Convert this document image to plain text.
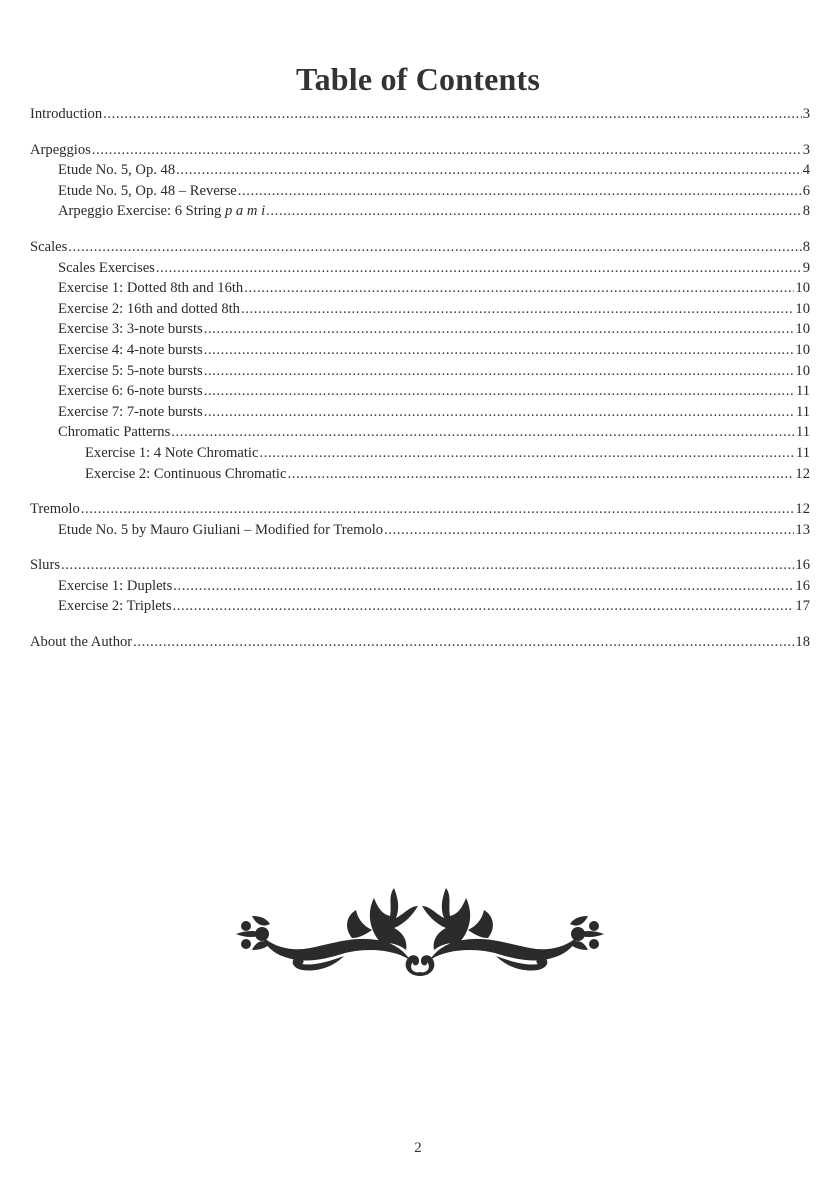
Table of Contents
Introduction .....	3
Arpeggios .....	3
Etude No. 5, Op. 48 .....	4
Etude No. 5, Op. 48 – Reverse .....	6
Arpeggio Exercise: 6 String p a m i .....	8
Scales .....	8
Scales Exercises .....	9
Exercise 1: Dotted 8th and 16th .....	10
Exercise 2: 16th and dotted 8th .....	10
Exercise 3: 3-note bursts .....	10
Exercise 4: 4-note bursts .....	10
Exercise 5: 5-note bursts .....	10
Exercise 6: 6-note bursts .....	11
Exercise 7: 7-note bursts .....	11
Chromatic Patterns .....	11
Exercise 1: 4 Note Chromatic .....	11
Exercise 2: Continuous Chromatic .....	12
Tremolo .....	12
Etude No. 5 by Mauro Giuliani – Modified for Tremolo .....	13
Slurs .....	16
Exercise 1: Duplets .....	16
Exercise 2: Triplets .....	17
About the Author .....	18
2
